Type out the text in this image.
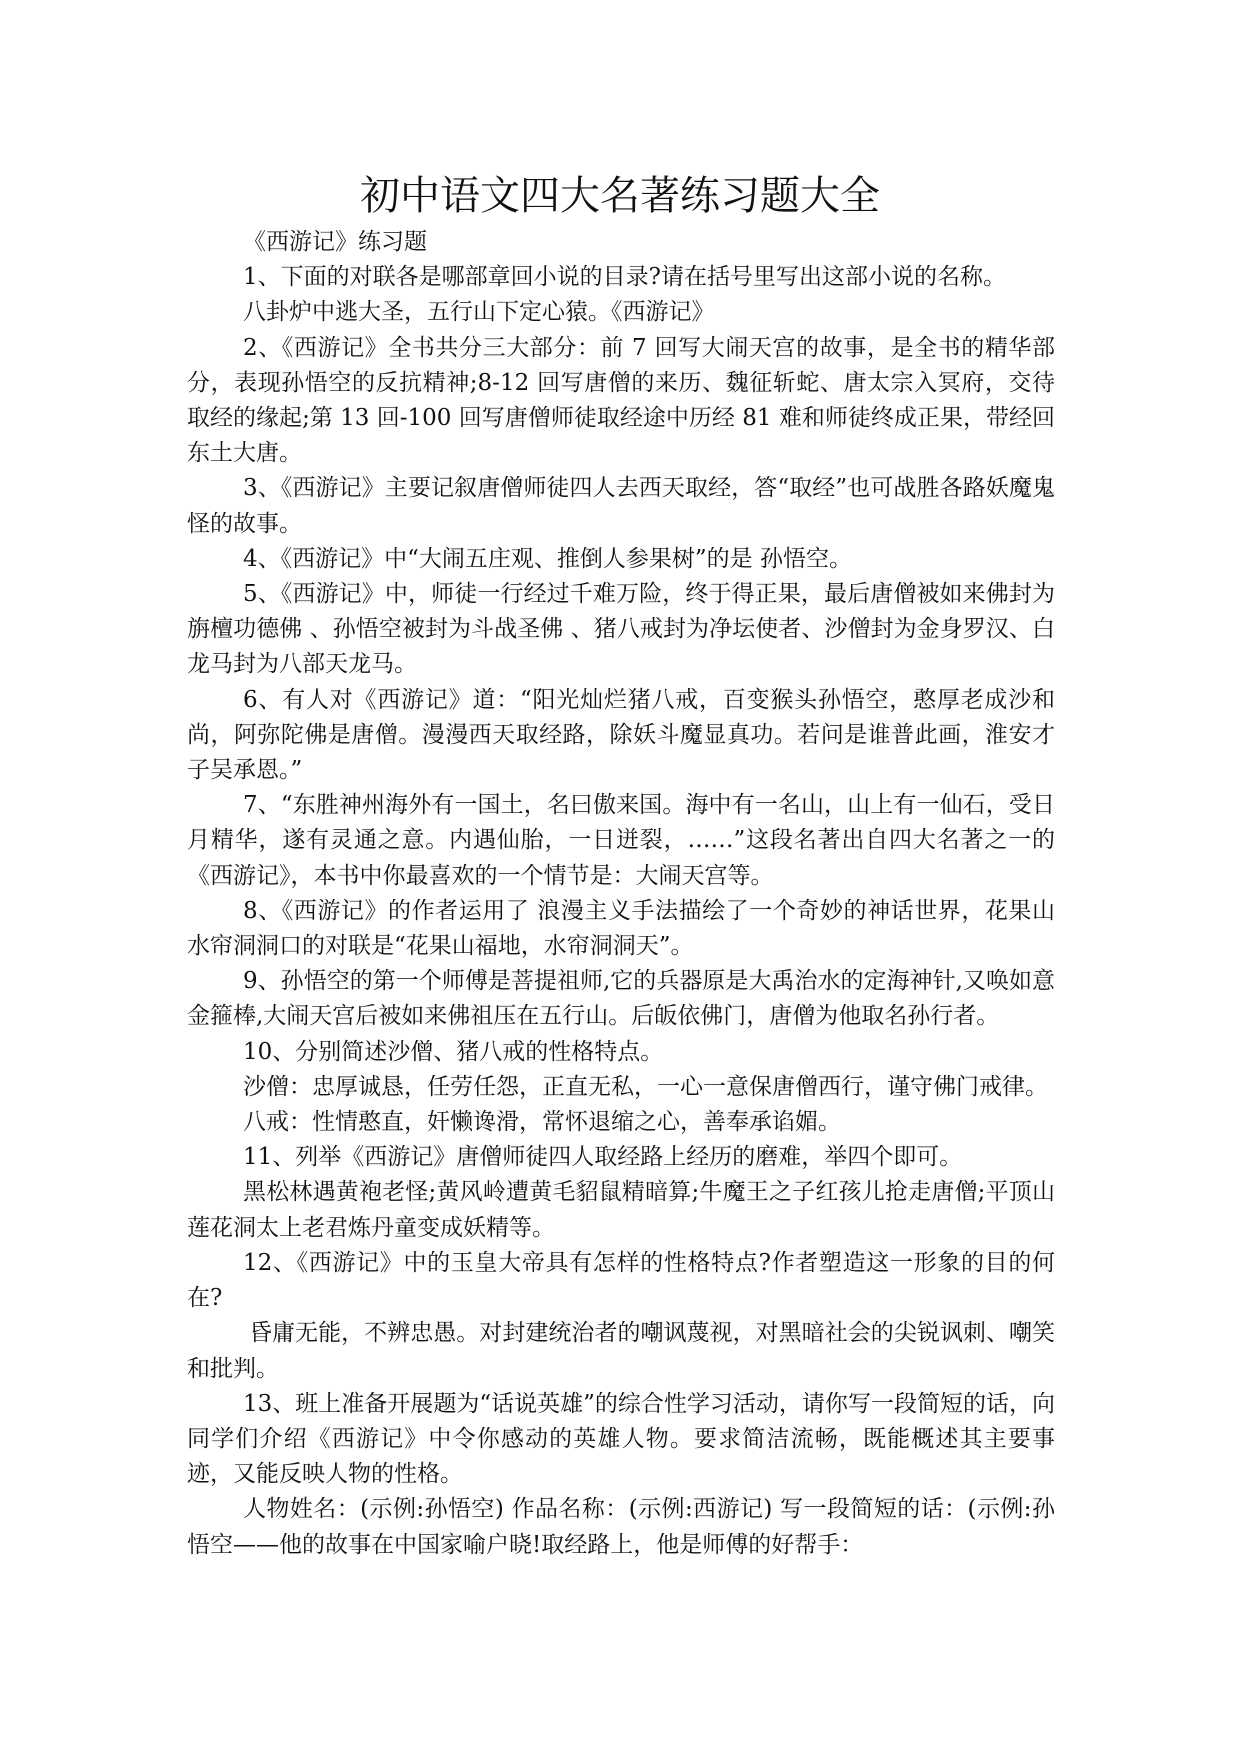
初中语文四大名著练习题大全

《西游记》练习题

1、下面的对联各是哪部章回小说的目录?请在括号里写出这部小说的名称。

八卦炉中逃大圣，五行山下定心猿。《西游记》

2、《西游记》全书共分三大部分：前 7 回写大闹天宫的故事，是全书的精华部分，表现孙悟空的反抗精神;8-12 回写唐僧的来历、魏征斩蛇、唐太宗入冥府，交待取经的缘起;第 13 回-100 回写唐僧师徒取经途中历经 81 难和师徒终成正果，带经回东土大唐。

3、《西游记》主要记叙唐僧师徒四人去西天取经，答“取经”也可战胜各路妖魔鬼怪的故事。

4、《西游记》中“大闹五庄观、推倒人参果树”的是 孙悟空。

5、《西游记》中，师徒一行经过千难万险，终于得正果，最后唐僧被如来佛封为旃檀功德佛 、孙悟空被封为斗战圣佛 、猪八戒封为净坛使者、沙僧封为金身罗汉、白龙马封为八部天龙马。

6、有人对《西游记》道：“阳光灿烂猪八戒，百变猴头孙悟空，憨厚老成沙和尚，阿弥陀佛是唐僧。漫漫西天取经路，除妖斗魔显真功。若问是谁普此画，淮安才子吴承恩。”

7、“东胜神州海外有一国土，名曰傲来国。海中有一名山，山上有一仙石，受日月精华，遂有灵通之意。内遇仙胎，一日迸裂，……”这段名著出自四大名著之一的《西游记》，本书中你最喜欢的一个情节是：大闹天宫等。

8、《西游记》的作者运用了 浪漫主义手法描绘了一个奇妙的神话世界，花果山水帘洞洞口的对联是“花果山福地，水帘洞洞天”。

9、孙悟空的第一个师傅是菩提祖师,它的兵器原是大禹治水的定海神针,又唤如意金箍棒,大闹天宫后被如来佛祖压在五行山。后皈依佛门，唐僧为他取名孙行者。

10、分别简述沙僧、猪八戒的性格特点。

沙僧：忠厚诚恳，任劳任怨，正直无私，一心一意保唐僧西行，谨守佛门戒律。

八戒：性情憨直，奸懒谗滑，常怀退缩之心，善奉承谄媚。

11、列举《西游记》唐僧师徒四人取经路上经历的磨难，举四个即可。

黑松林遇黄袍老怪;黄风岭遭黄毛貂鼠精暗算;牛魔王之子红孩儿抢走唐僧;平顶山莲花洞太上老君炼丹童变成妖精等。

12、《西游记》中的玉皇大帝具有怎样的性格特点?作者塑造这一形象的目的何在?

昏庸无能，不辨忠愚。对封建统治者的嘲讽蔑视，对黑暗社会的尖锐讽刺、嘲笑和批判。

13、班上准备开展题为“话说英雄”的综合性学习活动，请你写一段简短的话，向同学们介绍《西游记》中令你感动的英雄人物。要求简洁流畅，既能概述其主要事迹，又能反映人物的性格。

人物姓名：(示例:孙悟空) 作品名称：(示例:西游记) 写一段简短的话：(示例:孙悟空——他的故事在中国家喻户晓!取经路上，他是师傅的好帮手：
